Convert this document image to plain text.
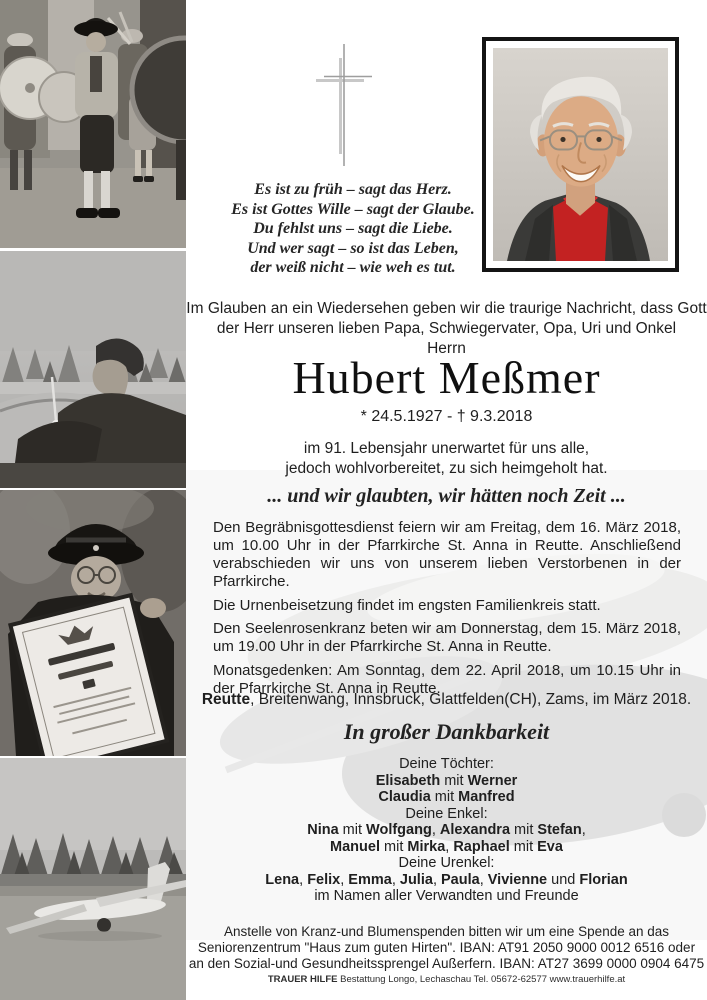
Es ist zu früh – sagt das Herz.
Es ist Gottes Wille – sagt der Glaube.
Du fehlst uns – sagt die Liebe.
Und wer sagt – so ist das Leben,
der weiß nicht – wie weh es tut.
Im Glauben an ein Wiedersehen geben wir die traurige Nachricht, dass Gott
der Herr unseren lieben Papa, Schwiegervater, Opa, Uri und Onkel
Herrn
Hubert Meßmer
* 24.5.1927 - † 9.3.2018
im 91. Lebensjahr unerwartet für uns alle,
jedoch wohlvorbereitet, zu sich heimgeholt hat.
... und wir glaubten, wir hätten noch Zeit ...
Den Begräbnisgottesdienst feiern wir am Freitag, dem 16. März 2018, um 10.00 Uhr in der Pfarrkirche St. Anna in Reutte. Anschließend verabschieden wir uns von unserem lieben Verstorbenen in der Pfarrkirche.
Die Urnenbeisetzung findet im engsten Familienkreis statt.
Den Seelenrosenkranz beten wir am Donnerstag, dem 15. März 2018, um 19.00 Uhr in der Pfarrkirche St. Anna in Reutte.
Monatsgedenken: Am Sonntag, dem 22. April 2018, um 10.15 Uhr in der Pfarrkirche St. Anna in Reutte.
Reutte, Breitenwang, Innsbruck, Glattfelden(CH), Zams, im März 2018.
In großer Dankbarkeit
Deine Töchter:
Elisabeth mit Werner
Claudia mit Manfred
Deine Enkel:
Nina mit Wolfgang, Alexandra mit Stefan,
Manuel mit Mirka, Raphael mit Eva
Deine Urenkel:
Lena, Felix, Emma, Julia, Paula, Vivienne und Florian
im Namen aller Verwandten und Freunde
Anstelle von Kranz-und Blumenspenden bitten wir um eine Spende an das
Seniorenzentrum "Haus zum guten Hirten". IBAN: AT91 2050 9000 0012 6516 oder
an den Sozial-und Gesundheitssprengel Außerfern. IBAN: AT27 3699 0000 0904 6475
TRAUER HILFE Bestattung Longo, Lechaschau Tel. 05672-62577 www.trauerhilfe.at
